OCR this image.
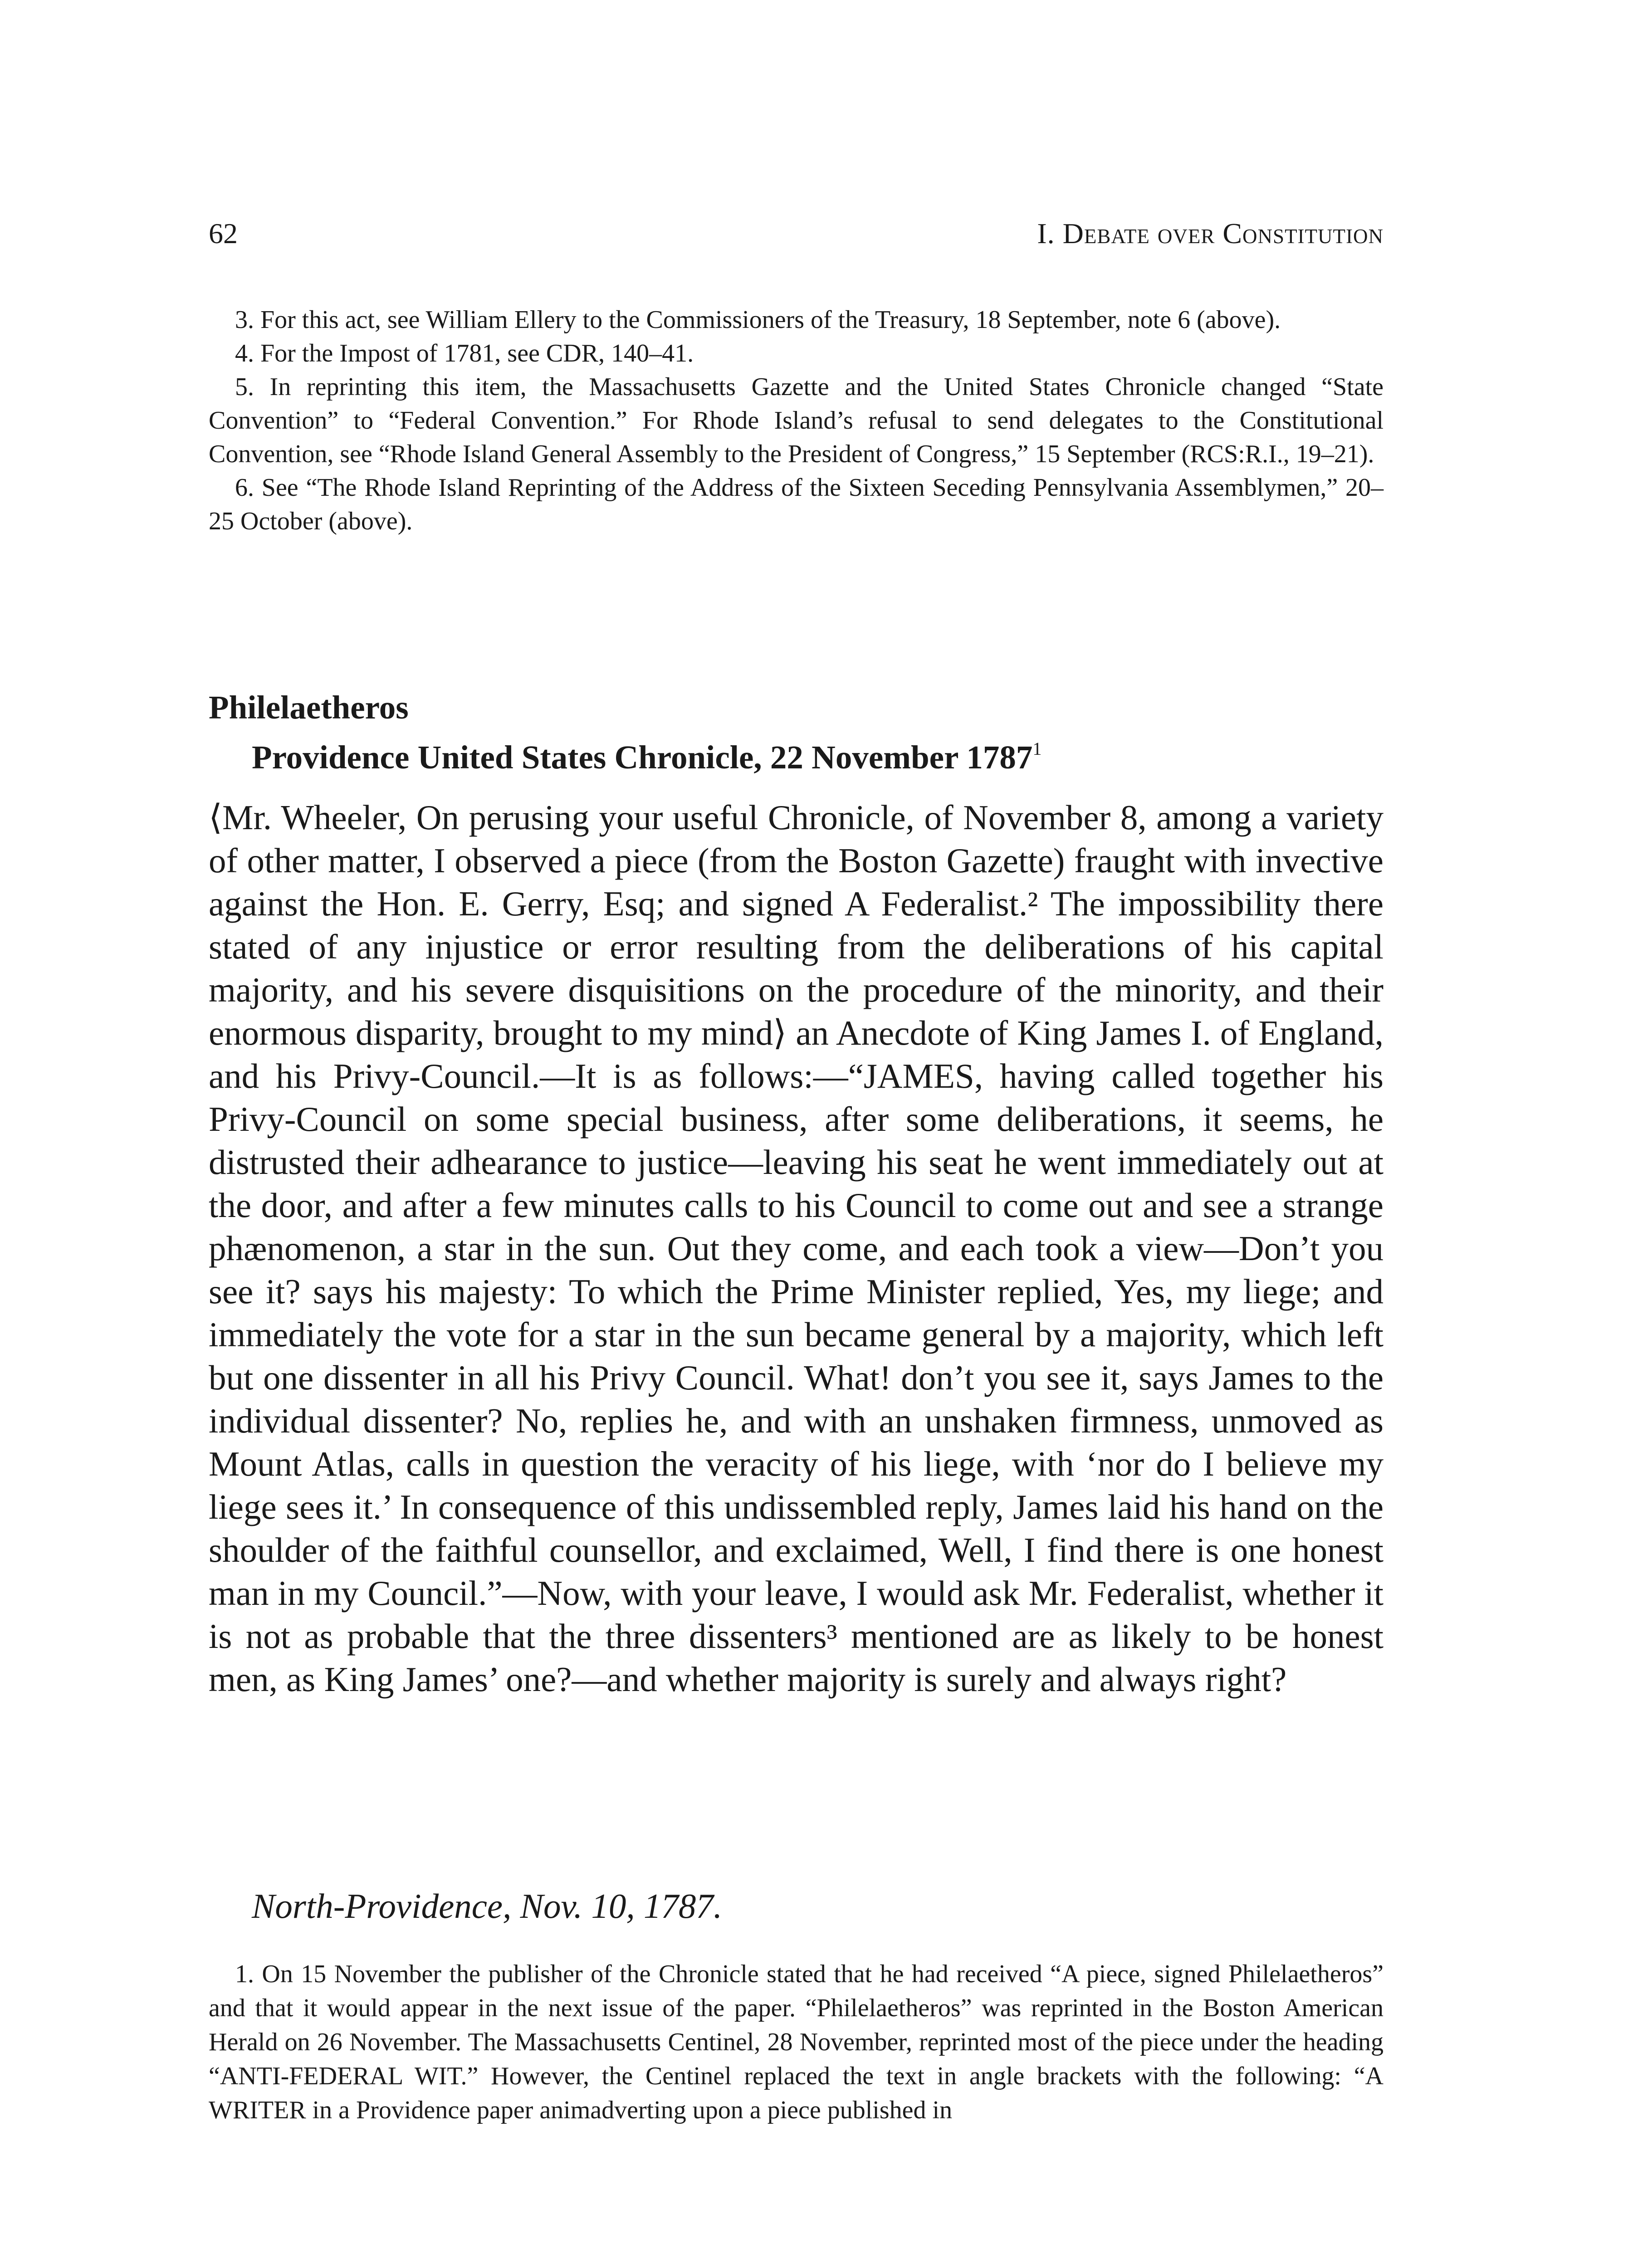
62	I. Debate over Constitution

3. For this act, see William Ellery to the Commissioners of the Treasury, 18 September, note 6 (above).

4. For the Impost of 1781, see CDR, 140–41.

5. In reprinting this item, the Massachusetts Gazette and the United States Chronicle changed “State Convention” to “Federal Convention.” For Rhode Island’s refusal to send delegates to the Constitutional Convention, see “Rhode Island General Assembly to the President of Congress,” 15 September (RCS:R.I., 19–21).

6. See “The Rhode Island Reprinting of the Address of the Sixteen Seceding Pennsylvania Assemblymen,” 20–25 October (above).

Philelaetheros
Providence United States Chronicle, 22 November 1787$^1$

⟨Mr. Wheeler, On perusing your useful Chronicle, of November 8, among a variety of other matter, I observed a piece (from the Boston Gazette) fraught with invective against the Hon. E. Gerry, Esq; and signed A Federalist.² The impossibility there stated of any injustice or error resulting from the deliberations of his capital majority, and his severe disquisitions on the procedure of the minority, and their enormous disparity, brought to my mind⟩ an Anecdote of King James I. of England, and his Privy-Council.—It is as follows:—“JAMES, having called together his Privy-Council on some special business, after some deliberations, it seems, he distrusted their adhearance to justice—leaving his seat he went immediately out at the door, and after a few minutes calls to his Council to come out and see a strange phænomenon, a star in the sun. Out they come, and each took a view—Don’t you see it? says his majesty: To which the Prime Minister replied, Yes, my liege; and immediately the vote for a star in the sun became general by a majority, which left but one dissenter in all his Privy Council. What! don’t you see it, says James to the individual dissenter? No, replies he, and with an unshaken firmness, unmoved as Mount Atlas, calls in question the veracity of his liege, with ‘nor do I believe my liege sees it.’ In consequence of this undissembled reply, James laid his hand on the shoulder of the faithful counsellor, and exclaimed, Well, I find there is one honest man in my Council.”—Now, with your leave, I would ask Mr. Federalist, whether it is not as probable that the three dissenters³ mentioned are as likely to be honest men, as King James’ one?—and whether majority is surely and always right?

North-Providence, Nov. 10, 1787.

1. On 15 November the publisher of the Chronicle stated that he had received “A piece, signed Philelaetheros” and that it would appear in the next issue of the paper. “Philelaetheros” was reprinted in the Boston American Herald on 26 November. The Massachusetts Centinel, 28 November, reprinted most of the piece under the heading “ANTI-FEDERAL WIT.” However, the Centinel replaced the text in angle brackets with the following: “A WRITER in a Providence paper animadverting upon a piece published in
